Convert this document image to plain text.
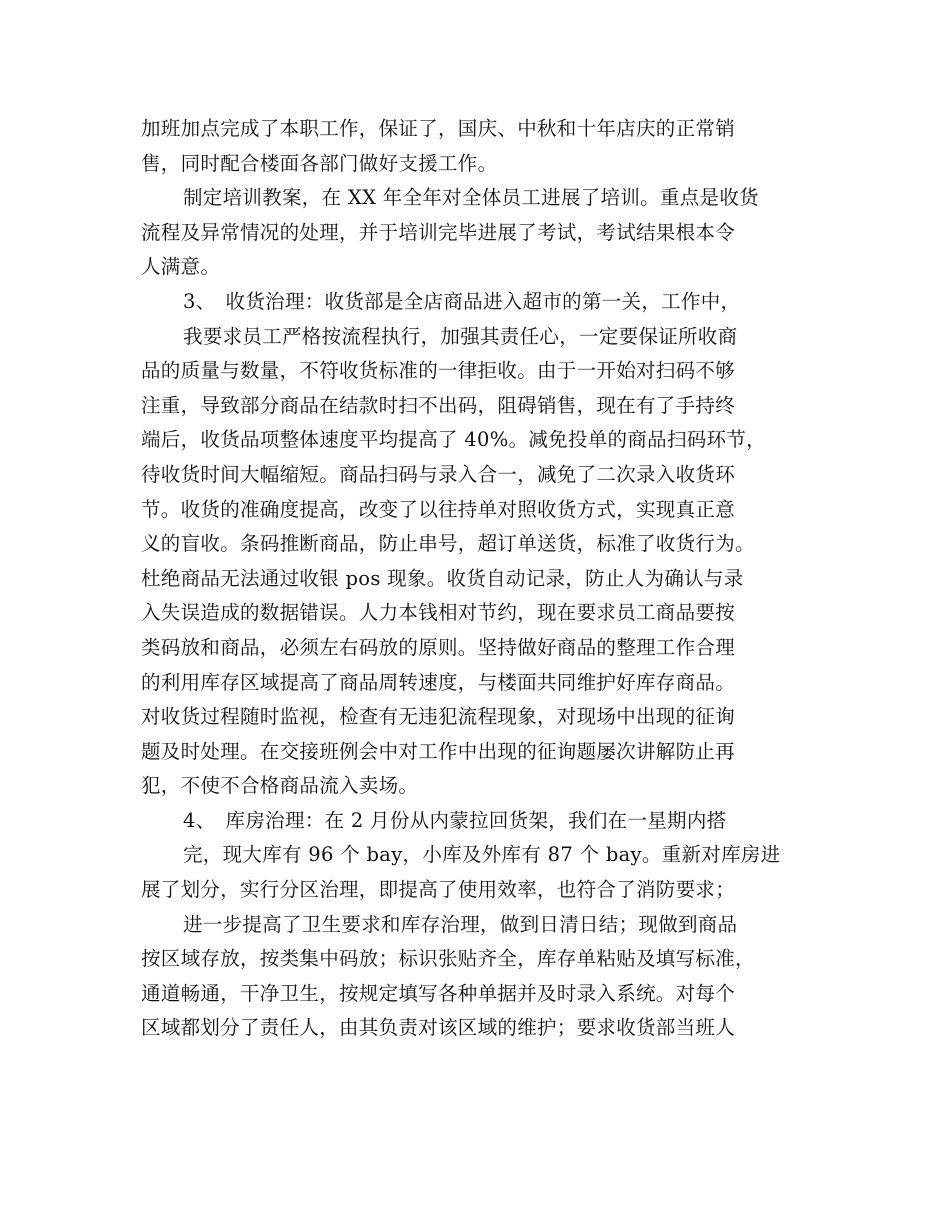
加班加点完成了本职工作，保证了，国庆、中秋和十年店庆的正常销
售，同时配合楼面各部门做好支援工作。
制定培训教案，在 XX 年全年对全体员工进展了培训。重点是收货
流程及异常情况的处理，并于培训完毕进展了考试，考试结果根本令
人满意。
3、　收货治理：收货部是全店商品进入超市的第一关，工作中，
我要求员工严格按流程执行，加强其责任心，一定要保证所收商
品的质量与数量，不符收货标准的一律拒收。由于一开始对扫码不够
注重，导致部分商品在结款时扫不出码，阻碍销售，现在有了手持终
端后，收货品项整体速度平均提高了 40%。减免投单的商品扫码环节，
待收货时间大幅缩短。商品扫码与录入合一，减免了二次录入收货环
节。收货的准确度提高，改变了以往持单对照收货方式，实现真正意
义的盲收。条码推断商品，防止串号，超订单送货，标准了收货行为。
杜绝商品无法通过收银 pos 现象。收货自动记录，防止人为确认与录
入失误造成的数据错误。人力本钱相对节约，现在要求员工商品要按
类码放和商品，必须左右码放的原则。坚持做好商品的整理工作合理
的利用库存区域提高了商品周转速度，与楼面共同维护好库存商品。
对收货过程随时监视，检查有无违犯流程现象，对现场中出现的征询
题及时处理。在交接班例会中对工作中出现的征询题屡次讲解防止再
犯，不使不合格商品流入卖场。
4、　库房治理：在 2 月份从内蒙拉回货架，我们在一星期内搭
完，现大库有 96 个 bay，小库及外库有 87 个 bay。重新对库房进
展了划分，实行分区治理，即提高了使用效率，也符合了消防要求；
进一步提高了卫生要求和库存治理，做到日清日结；现做到商品
按区域存放，按类集中码放；标识张贴齐全，库存单粘贴及填写标准，
通道畅通，干净卫生，按规定填写各种单据并及时录入系统。对每个
区域都划分了责任人，由其负责对该区域的维护；要求收货部当班人
